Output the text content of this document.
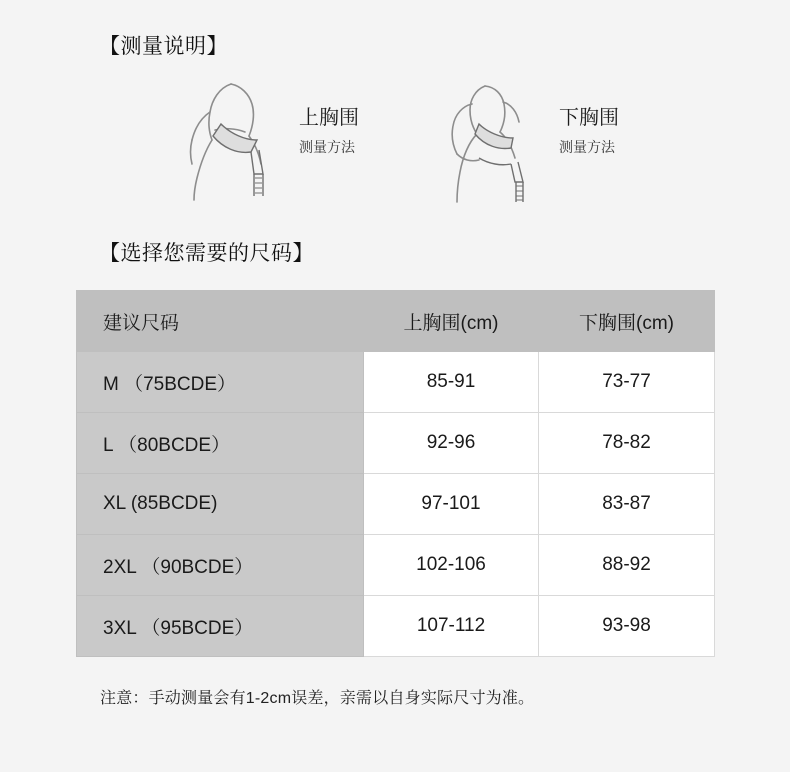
【测量说明】
上胸围
测量方法
下胸围
测量方法
【选择您需要的尺码】
建议尺码	上胸围(cm)	下胸围(cm)
M （75BCDE）	85-91	73-77
L （80BCDE）	92-96	78-82
XL (85BCDE)	97-101	83-87
2XL （90BCDE）	102-106	88-92
3XL （95BCDE）	107-112	93-98
注意：手动测量会有1-2cm误差，亲需以自身实际尺寸为准。
